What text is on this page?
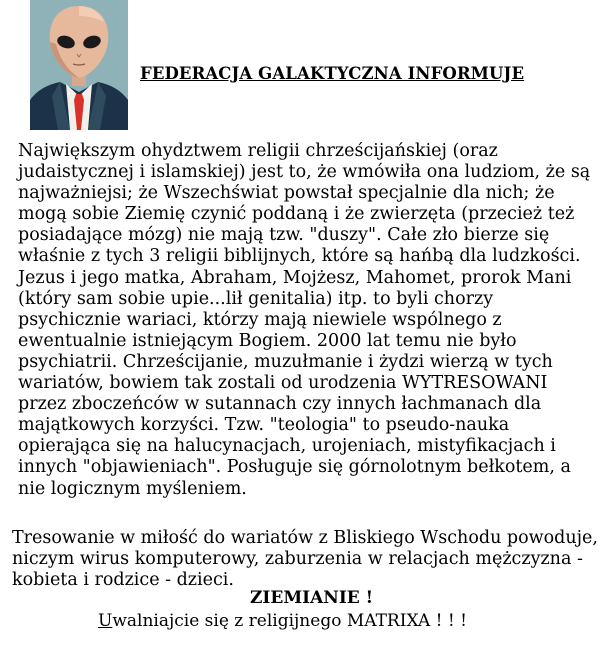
FEDERACJA GALAKTYCZNA INFORMUJE
Największym ohydztwem religii chrześcijańskiej (oraz
judaistycznej i islamskiej) jest to, że wmówiła ona ludziom, że są
najważniejsi; że Wszechświat powstał specjalnie dla nich; że
mogą sobie Ziemię czynić poddaną i że zwierzęta (przecież też
posiadające mózg) nie mają tzw. "duszy". Całe zło bierze się
właśnie z tych 3 religii biblijnych, które są hańbą dla ludzkości.
Jezus i jego matka, Abraham, Mojżesz, Mahomet, prorok Mani
(który sam sobie upie...lił genitalia) itp. to byli chorzy
psychicznie wariaci, którzy mają niewiele wspólnego z
ewentualnie istniejącym Bogiem. 2000 lat temu nie było
psychiatrii. Chrześcijanie, muzułmanie i żydzi wierzą w tych
wariatów, bowiem tak zostali od urodzenia WYTRESOWANI
przez zboczeńców w sutannach czy innych łachmanach dla
majątkowych korzyści. Tzw. "teologia" to pseudo-nauka
opierająca się na halucynacjach, urojeniach, mistyfikacjach i
innych "objawieniach". Posługuje się górnolotnym bełkotem, a
nie logicznym myśleniem.
Tresowanie w miłość do wariatów z Bliskiego Wschodu powoduje,
niczym wirus komputerowy, zaburzenia w relacjach mężczyzna -
kobieta i rodzice - dzieci.
ZIEMIANIE !
Uwalniajcie się z religijnego MATRIXA ! ! !
